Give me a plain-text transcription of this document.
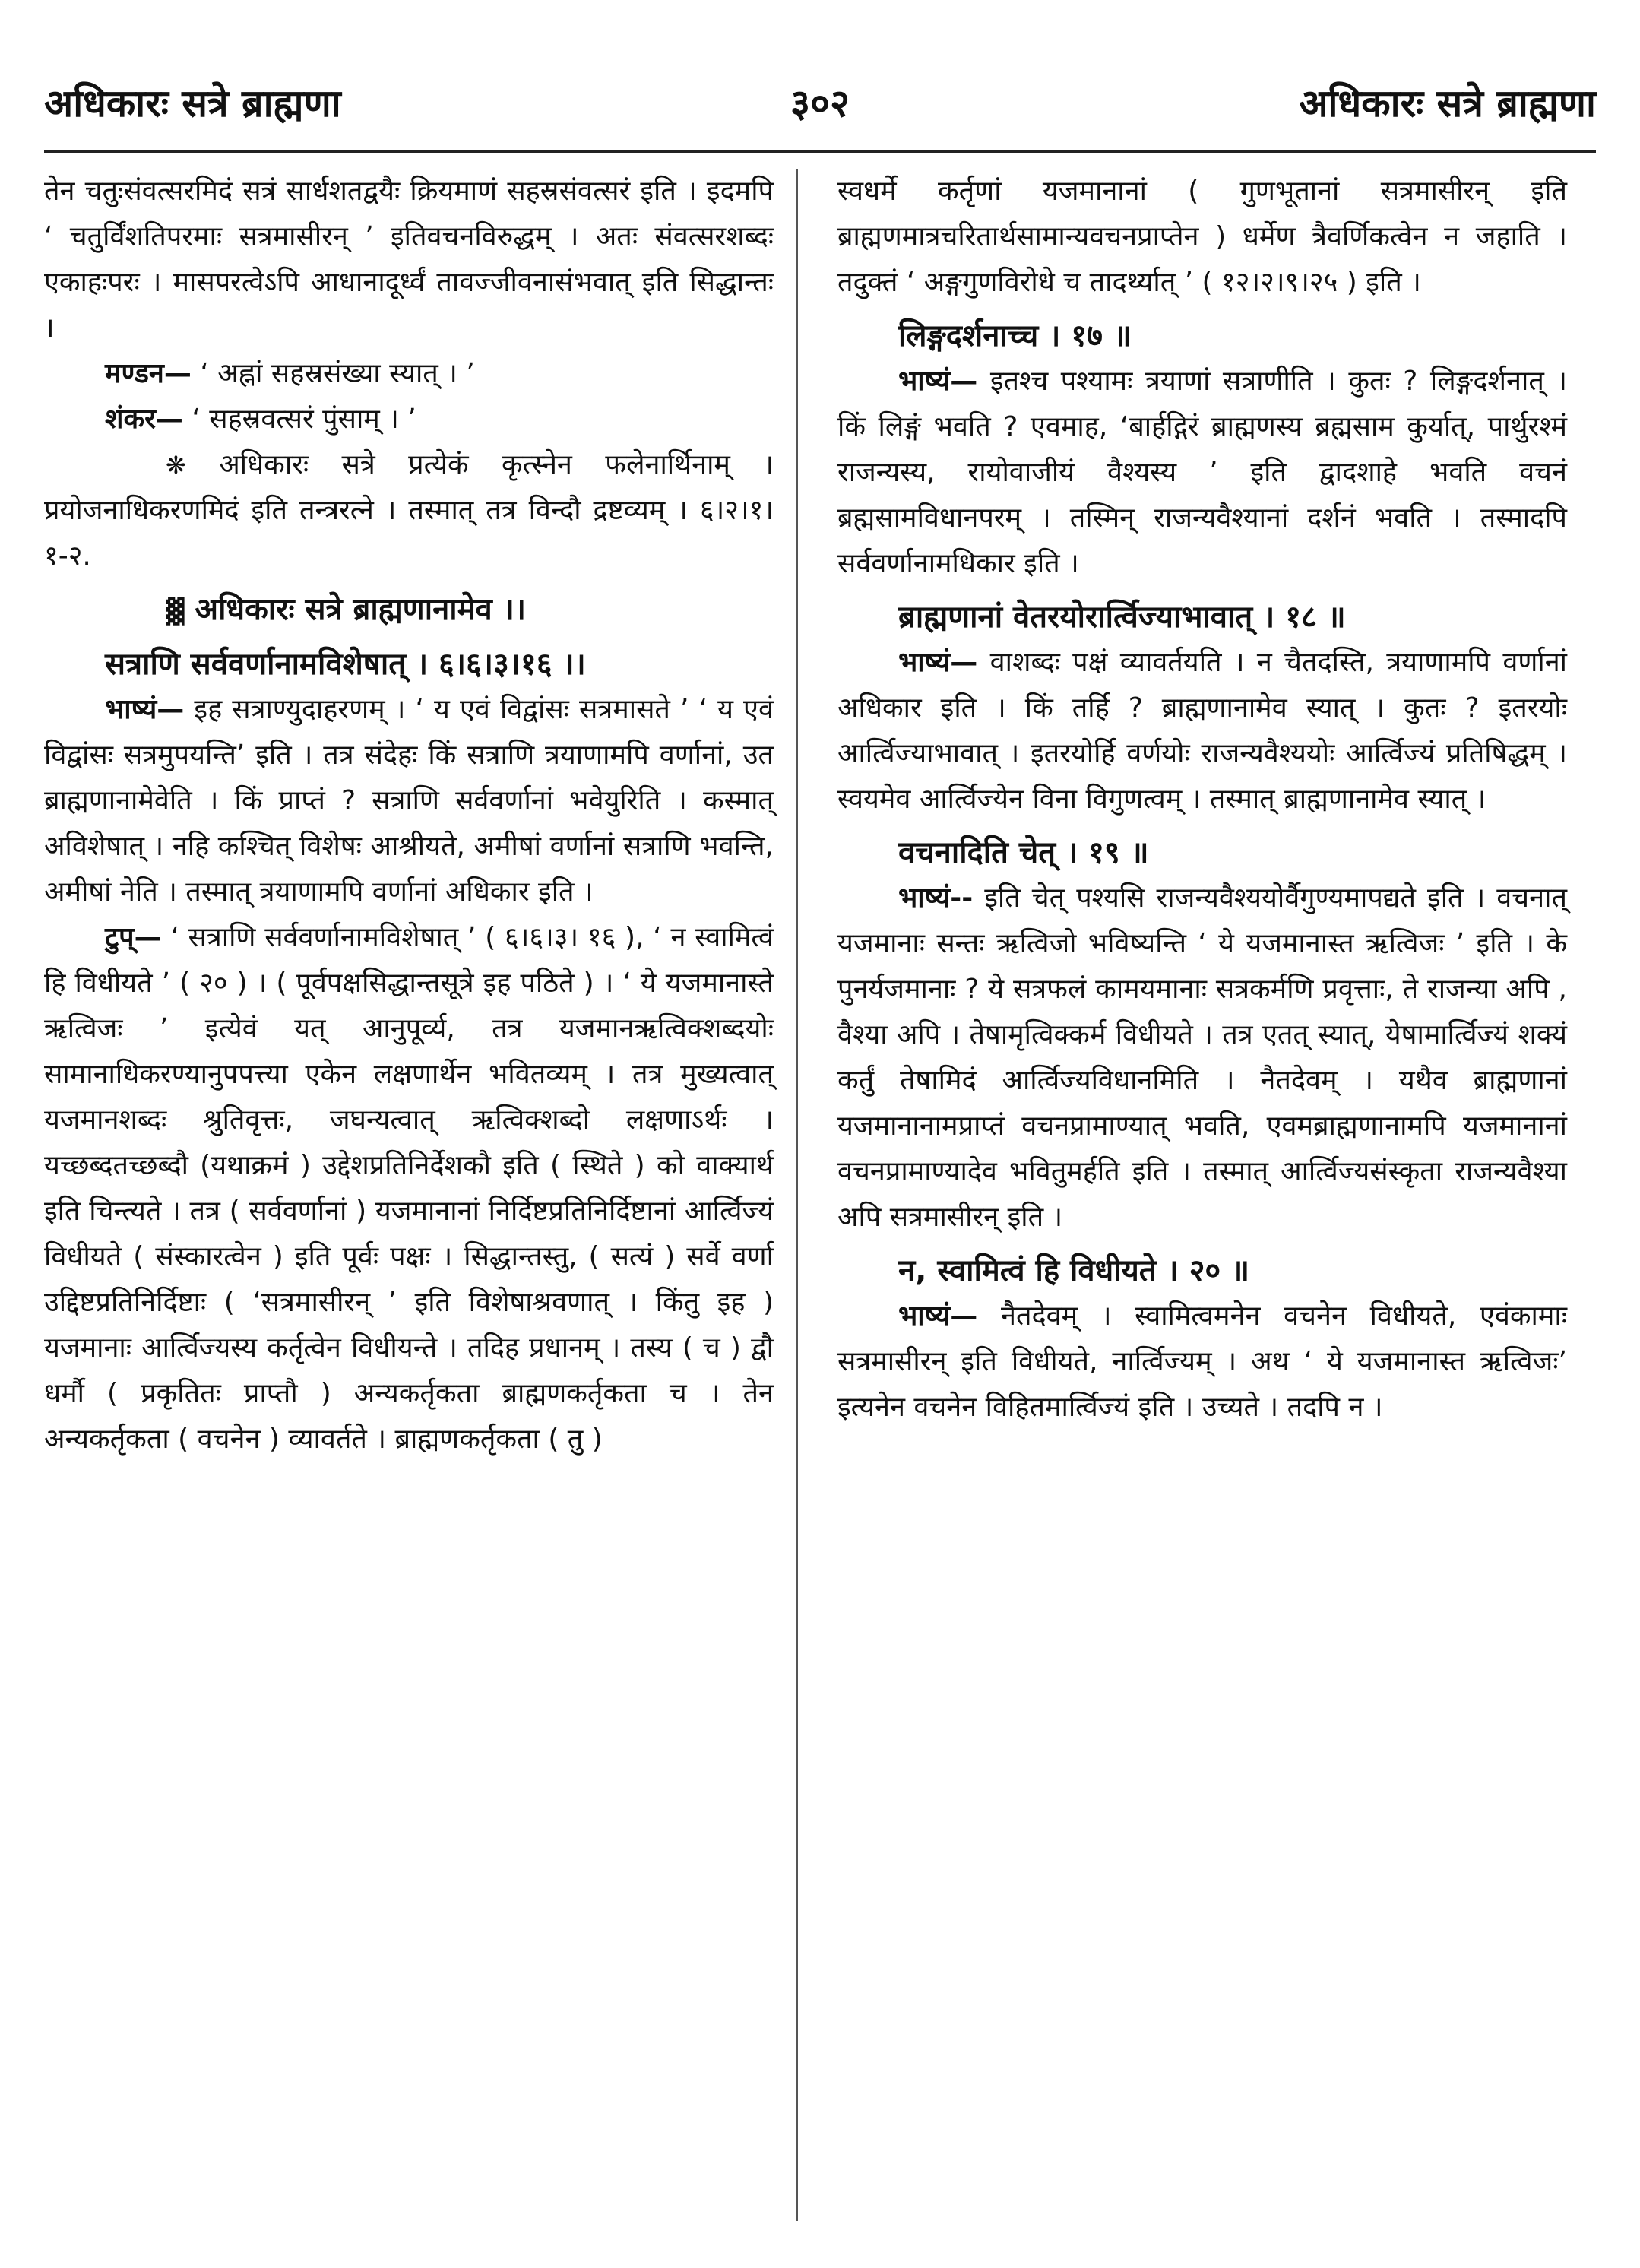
अधिकारः सत्रे ब्राह्मणा	३०२	अधिकारः सत्रे ब्राह्मणा

तेन चतुःसंवत्सरमिदं सत्रं सार्धशतद्वयैः क्रियमाणं सहस्रसंवत्सरं इति । इदमपि ‘ चतुर्विंशतिपरमाः सत्रमासीरन् ’ इतिवचनविरुद्धम् । अतः संवत्सरशब्दः एकाहःपरः । मासपरत्वेऽपि आधानादूर्ध्वं तावज्जीवनासंभवात् इति सिद्धान्तः ।

मण्डन— ‘ अह्नां सहस्रसंख्या स्यात् । ’

शंकर— ‘ सहस्रवत्सरं पुंसाम् । ’

❋ अधिकारः सत्रे प्रत्येकं कृत्स्नेन फलेनार्थिनाम् । प्रयोजनाधिकरणमिदं इति तन्त्ररत्ने । तस्मात् तत्र विन्दौ द्रष्टव्यम् । ६।२।१।१-२.

▓ अधिकारः सत्रे ब्राह्मणानामेव ।।

सत्राणि सर्ववर्णानामविशेषात् । ६।६।३।१६ ।।

भाष्यं— इह सत्राण्युदाहरणम् । ‘ य एवं विद्वांसः सत्रमासते ’ ‘ य एवं विद्वांसः सत्रमुपयन्ति’ इति । तत्र संदेहः किं सत्राणि त्रयाणामपि वर्णानां, उत ब्राह्मणानामेवेति । किं प्राप्तं ? सत्राणि सर्ववर्णानां भवेयुरिति । कस्मात् अविशेषात् । नहि कश्चित् विशेषः आश्रीयते, अमीषां वर्णानां सत्राणि भवन्ति, अमीषां नेति । तस्मात् त्रयाणामपि वर्णानां अधिकार इति ।

टुप्— ‘ सत्राणि सर्ववर्णानामविशेषात् ’ ( ६।६।३। १६ ), ‘ न स्वामित्वं हि विधीयते ’ ( २० ) । ( पूर्वपक्षसिद्धान्तसूत्रे इह पठिते ) । ‘ ये यजमानास्ते ऋत्विजः ’ इत्येवं यत् आनुपूर्व्य, तत्र यजमानऋत्विक्शब्दयोः सामानाधिकरण्यानुपपत्त्या एकेन लक्षणार्थेन भवितव्यम् । तत्र मुख्यत्वात् यजमानशब्दः श्रुतिवृत्तः, जघन्यत्वात् ऋत्विक्शब्दो लक्षणाऽर्थः । यच्छब्दतच्छब्दौ (यथाक्रमं ) उद्देशप्रतिनिर्देशकौ इति ( स्थिते ) को वाक्यार्थ इति चिन्त्यते । तत्र ( सर्ववर्णानां ) यजमानानां निर्दिष्टप्रतिनिर्दिष्टानां आर्त्विज्यं विधीयते ( संस्कारत्वेन ) इति पूर्वः पक्षः । सिद्धान्तस्तु, ( सत्यं ) सर्वे वर्णा उद्दिष्टप्रतिनिर्दिष्टाः ( ‘सत्रमासीरन् ’ इति विशेषाश्रवणात् । किंतु इह ) यजमानाः आर्त्विज्यस्य कर्तृत्वेन विधीयन्ते । तदिह प्रधानम् । तस्य ( च ) द्वौ धर्मौ ( प्रकृतितः प्राप्तौ ) अन्यकर्तृकता ब्राह्मणकर्तृकता च । तेन अन्यकर्तृकता ( वचनेन ) व्यावर्तते । ब्राह्मणकर्तृकता ( तु )

स्वधर्मे कर्तृणां यजमानानां ( गुणभूतानां सत्रमासीरन् इति ब्राह्मणमात्रचरितार्थसामान्यवचनप्राप्तेन ) धर्मेण त्रैवर्णिकत्वेन न जहाति । तदुक्तं ‘ अङ्गगुणविरोधे च तादर्थ्यात् ’ ( १२।२।९।२५ ) इति ।

लिङ्गदर्शनाच्च । १७ ॥

भाष्यं— इतश्च पश्यामः त्रयाणां सत्राणीति । कुतः ? लिङ्गदर्शनात् । किं लिङ्गं भवति ? एवमाह, ‘बार्हद्गिरं ब्राह्मणस्य ब्रह्मसाम कुर्यात्, पार्थुरश्मं राजन्यस्य, रायोवाजीयं वैश्यस्य ’ इति द्वादशाहे भवति वचनं ब्रह्मसामविधानपरम् । तस्मिन् राजन्यवैश्यानां दर्शनं भवति । तस्मादपि सर्ववर्णानामधिकार इति ।

ब्राह्मणानां वेतरयोरार्त्विज्याभावात् । १८ ॥

भाष्यं— वाशब्दः पक्षं व्यावर्तयति । न चैतदस्ति, त्रयाणामपि वर्णानां अधिकार इति । किं तर्हि ? ब्राह्मणानामेव स्यात् । कुतः ? इतरयोः आर्त्विज्याभावात् । इतरयोर्हि वर्णयोः राजन्यवैश्ययोः आर्त्विज्यं प्रतिषिद्धम् । स्वयमेव आर्त्विज्येन विना विगुणत्वम् । तस्मात् ब्राह्मणानामेव स्यात् ।

वचनादिति चेत् । १९ ॥

भाष्यं-- इति चेत् पश्यसि राजन्यवैश्ययोर्वैगुण्यमापद्यते इति । वचनात् यजमानाः सन्तः ऋत्विजो भविष्यन्ति ‘ ये यजमानास्त ऋत्विजः ’ इति । के पुनर्यजमानाः ? ये सत्रफलं कामयमानाः सत्रकर्मणि प्रवृत्ताः, ते राजन्या अपि , वैश्या अपि । तेषामृत्विक्कर्म विधीयते । तत्र एतत् स्यात्, येषामार्त्विज्यं शक्यं कर्तुं तेषामिदं आर्त्विज्यविधानमिति । नैतदेवम् । यथैव ब्राह्मणानां यजमानानामप्राप्तं वचनप्रामाण्यात् भवति, एवमब्राह्मणानामपि यजमानानां वचनप्रामाण्यादेव भवितुमर्हति इति । तस्मात् आर्त्विज्यसंस्कृता राजन्यवैश्या अपि सत्रमासीरन् इति ।

न, स्वामित्वं हि विधीयते । २० ॥

भाष्यं— नैतदेवम् । स्वामित्वमनेन वचनेन विधीयते, एवंकामाः सत्रमासीरन् इति विधीयते, नार्त्विज्यम् । अथ ‘ ये यजमानास्त ऋत्विजः’ इत्यनेन वचनेन विहितमार्त्विज्यं इति । उच्यते । तदपि न ।
